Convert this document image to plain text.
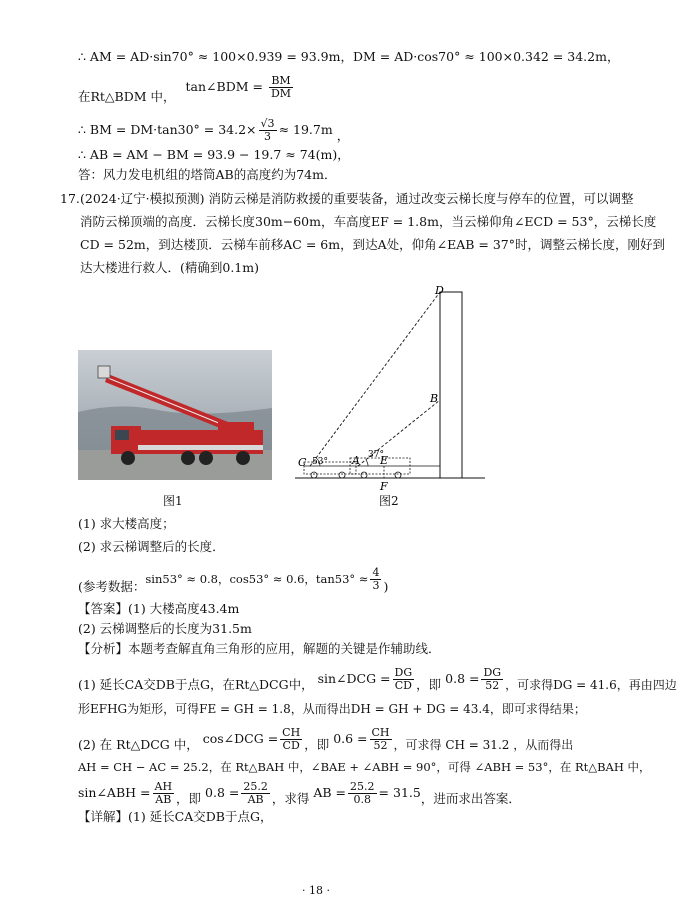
∴ AM = AD·sin70° ≈ 100×0.939 = 93.9m，DM = AD·cos70° ≈ 100×0.342 = 34.2m，
在Rt△BDM 中， tan∠BDM = $\frac{BM}{DM}$
∴ BM = $DM\cdot\tan 30^\circ = 34.2\times \frac{√3}{3} \approx 19.7m$ ，
∴ AB = AM − BM = 93.9 − 19.7 ≈ 74(m)，
答：风力发电机组的塔筒AB的高度约为74m．
17. (2024·辽宁·模拟预测) 消防云梯是消防救援的重要装备，通过改变云梯长度与停车的位置，可以调整
消防云梯顶端的高度．云梯长度30m−60m，车高度EF = 1.8m，当云梯仰角∠ECD = 53°，云梯长度
CD = 52m，到达楼顶．云梯车前移AC = 6m，到达A处，仰角∠EAB = 37°时，调整云梯长度，刚好到
达大楼进行救人．(精确到0.1m)
图1
D
B
C 53° A 37°
E
F
图2
(1) 求大楼高度；
(2) 求云梯调整后的长度．
(参考数据：sin53° ≈ 0.8，cos53° ≈ 0.6，$\tan 53^\circ \approx \frac{4}{3}$ )
【答案】(1) 大楼高度43.4m
(2) 云梯调整后的长度为31.5m
【分析】本题考查解直角三角形的应用，解题的关键是作辅助线．
(1) 延长CA交DB于点G，在Rt△DCG中， sin∠DCG = $\frac{DG}{CD}$ ，即 $0.8 = \frac{DG}{52}$ ，可求得DG = 41.6，再由四边
形EFHG为矩形，可得FE = GH = 1.8，从而得出DH = GH + DG = 43.4，即可求得结果；
(2) 在 Rt△DCG 中， cos∠DCG = $\frac{CH}{CD}$ ，即 $0.6 = \frac{CH}{52}$ ，可求得 CH = 31.2 ，从而得出
AH = CH − AC = 25.2，在 Rt△BAH 中，∠BAE + ∠ABH = 90°，可得 ∠ABH = 53°，在 Rt△BAH 中，
sin∠ABH = $\frac{AH}{AB}$ ，即 $0.8 = \frac{25.2}{AB}$ ，求得 AB = $\frac{25.2}{0.8} = 31.5$，进而求出答案．
【详解】(1) 延长CA交DB于点G，
· 18 ·
